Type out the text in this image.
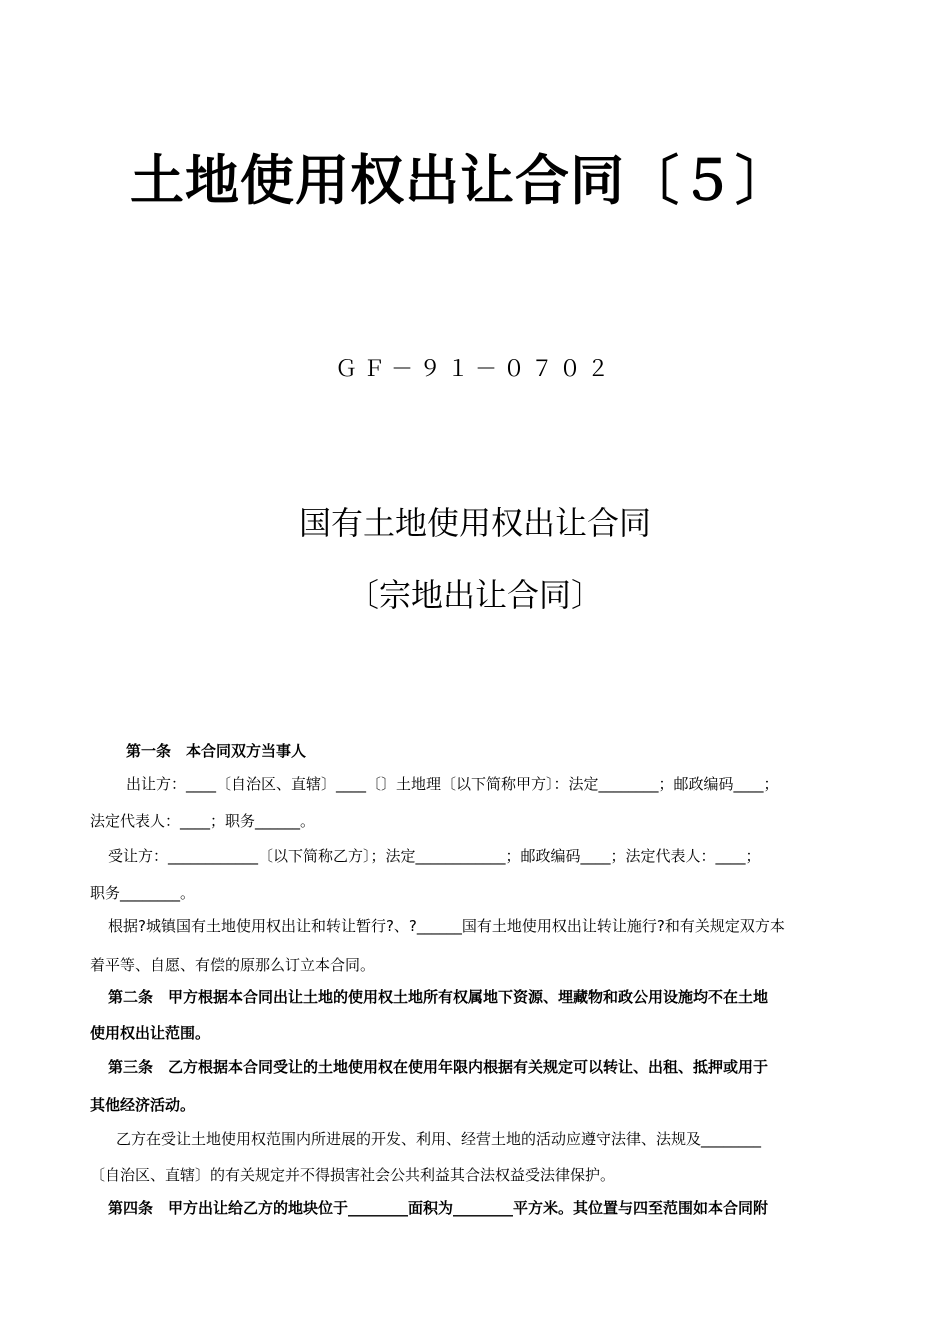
土地使用权出让合同〔５〕
ＧＦ－９１－０７０２
国有土地使用权出让合同
〔宗地出让合同〕
第一条　本合同双方当事人
出让方：____〔自治区、直辖〕____〔〕土地理〔以下简称甲方〕：法定________；邮政编码____；
法定代表人：____；职务______。
受让方：____________〔以下简称乙方〕；法定____________；邮政编码____；法定代表人：____；
职务________。
根据?城镇国有土地使用权出让和转让暂行?、?______国有土地使用权出让转让施行?和有关规定双方本
着平等、自愿、有偿的原那么订立本合同。
第二条　甲方根据本合同出让土地的使用权土地所有权属地下资源、埋藏物和政公用设施均不在土地
使用权出让范围。
第三条　乙方根据本合同受让的土地使用权在使用年限内根据有关规定可以转让、出租、抵押或用于
其他经济活动。
乙方在受让土地使用权范围内所进展的开发、利用、经营土地的活动应遵守法律、法规及________
〔自治区、直辖〕的有关规定并不得损害社会公共利益其合法权益受法律保护。
第四条　甲方出让给乙方的地块位于________面积为________平方米。其位置与四至范围如本合同附
